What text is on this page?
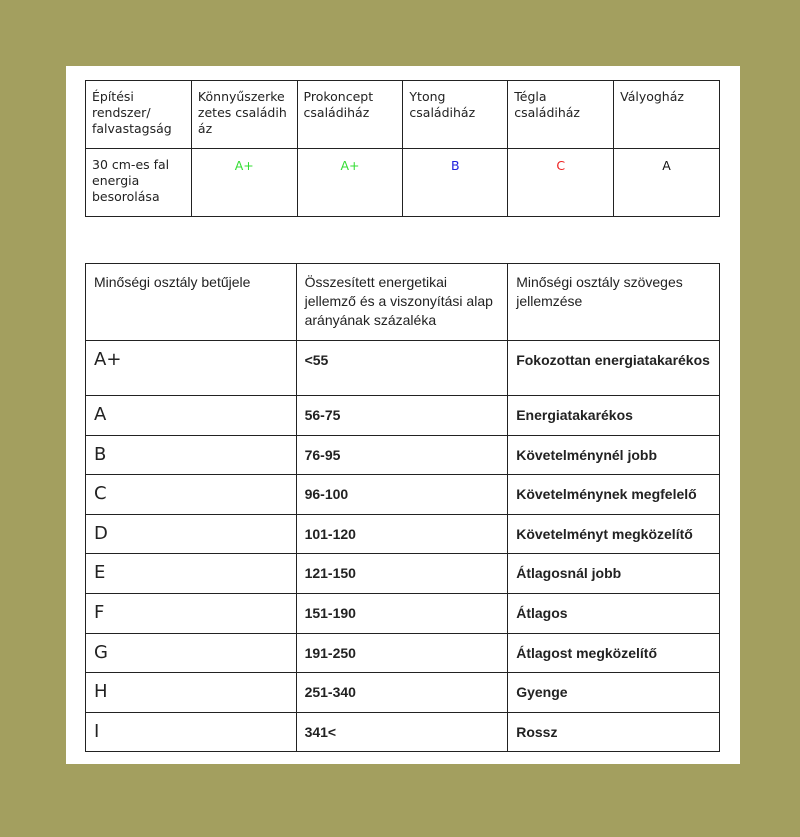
Építési rendszer/ falvastagság	Könnyűszerkezetes családiház	Prokoncept családiház	Ytong családiház	Tégla családiház	Vályogház
30 cm-es fal energia besorolása	A+	A+	B	C	A
Minőségi osztály betűjele	Összesített energetikai jellemző és a viszonyítási alap arányának százaléka	Minőségi osztály szöveges jellemzése
A+	<55	Fokozottan energiatakarékos
A	56-75	Energiatakarékos
B	76-95	Követelménynél jobb
C	96-100	Követelménynek megfelelő
D	101-120	Követelményt megközelítő
E	121-150	Átlagosnál jobb
F	151-190	Átlagos
G	191-250	Átlagost megközelítő
H	251-340	Gyenge
I	341<	Rossz
